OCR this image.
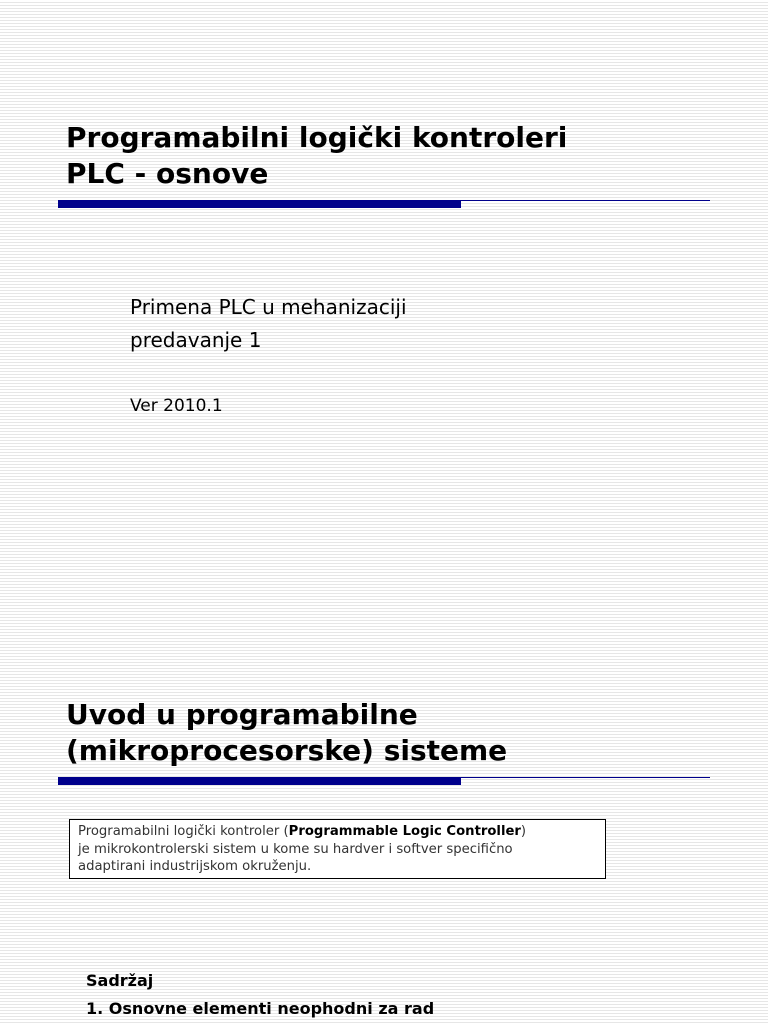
Programabilni logički kontroleri
PLC - osnove

Primena PLC u mehanizaciji

predavanje 1

Ver 2010.1

Uvod u programabilne
(mikroprocesorske) sisteme
Programabilni logički kontroler (Programmable Logic Controller)
je mikrokontrolerski sistem u kome su hardver i softver specifično
adaptirani industrijskom okruženju.

Sadržaj

1. Osnovne elementi neophodni za rad
